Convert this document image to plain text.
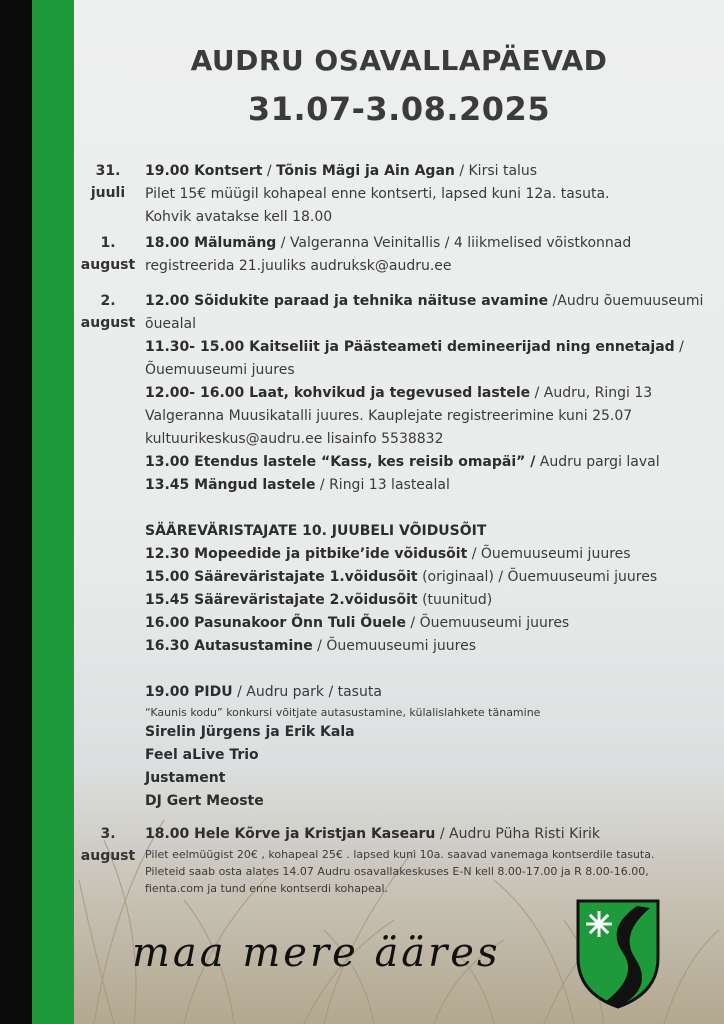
AUDRU OSAVALLAPÄEVAD
31.07-3.08.2025
31.
juuli
19.00 Kontsert / Tõnis Mägi ja Ain Agan / Kirsi talus
Pilet 15€ müügil kohapeal enne kontserti, lapsed kuni 12a. tasuta.
Kohvik avatakse kell 18.00
1.
august
18.00 Mälumäng / Valgeranna Veinitallis / 4 liikmelised võistkonnad
registreerida 21.juuliks audruksk@audru.ee
2.
august
12.00 Sõidukite paraad ja tehnika näituse avamine /Audru õuemuuseumi
õuealal
11.30- 15.00 Kaitseliit ja Päästeameti demineerijad ning ennetajad /
Õuemuuseumi juures
12.00- 16.00 Laat, kohvikud ja tegevused lastele / Audru, Ringi 13
Valgeranna Muusikatalli juures. Kauplejate registreerimine kuni 25.07
kultuurikeskus@audru.ee lisainfo 5538832
13.00 Etendus lastele “Kass, kes reisib omapäi” / Audru pargi laval
13.45 Mängud lastele / Ringi 13 lastealal
SÄÄREVÄRISTAJATE 10. JUUBELI VÕIDUSÕIT
12.30 Mopeedide ja pitbike’ide võidusõit / Õuemuuseumi juures
15.00 Sääreväristajate 1.võidusõit (originaal) / Õuemuuseumi juures
15.45 Sääreväristajate 2.võidusõit (tuunitud)
16.00 Pasunakoor Õnn Tuli Õuele / Õuemuuseumi juures
16.30 Autasustamine / Õuemuuseumi juures
19.00 PIDU / Audru park / tasuta
“Kaunis kodu” konkursi võitjate autasustamine, külalislahkete tänamine
Sirelin Jürgens ja Erik Kala
Feel aLive Trio
Justament
DJ Gert Meoste
3.
august
18.00 Hele Kõrve ja Kristjan Kasearu / Audru Püha Risti Kirik
Pilet eelmüügist 20€ , kohapeal 25€ . lapsed kuni 10a. saavad vanemaga kontserdile tasuta.
Pileteid saab osta alates 14.07 Audru osavallakeskuses E-N kell 8.00-17.00 ja R 8.00-16.00,
fienta.com ja tund enne kontserdi kohapeal.
maa mere ääres
